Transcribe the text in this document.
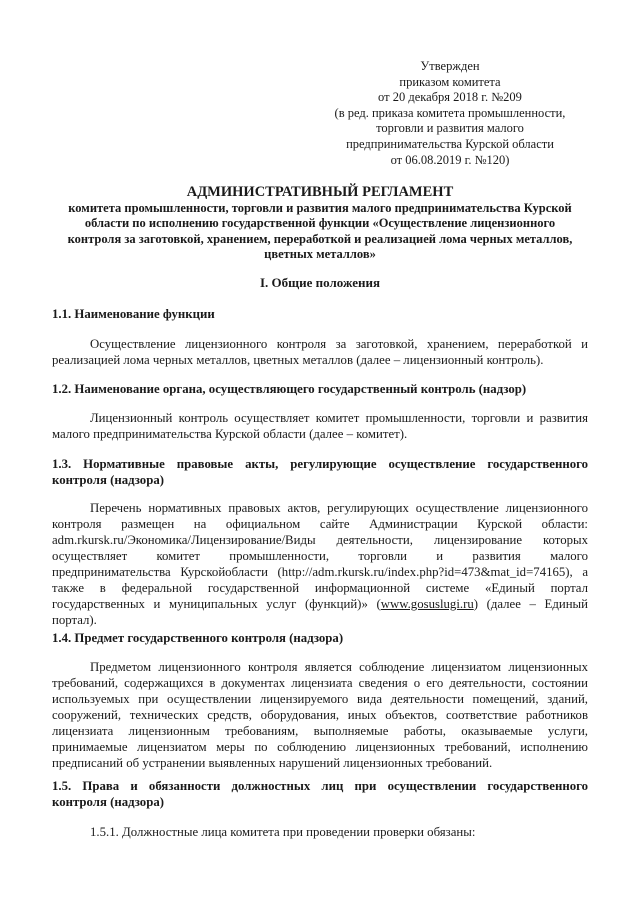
Утвержден
приказом комитета
от 20 декабря 2018 г. №209
(в ред. приказа комитета промышленности,
торговли и развития малого
предпринимательства Курской области
от 06.08.2019 г. №120)
АДМИНИСТРАТИВНЫЙ РЕГЛАМЕНТ
комитета промышленности, торговли и развития малого предпринимательства Курской
области по исполнению государственной функции «Осуществление лицензионного
контроля за заготовкой, хранением, переработкой и реализацией лома черных металлов,
цветных металлов»
I. Общие положения
1.1. Наименование функции
Осуществление лицензионного контроля за заготовкой, хранением, переработкой и
реализацией лома черных металлов, цветных металлов (далее – лицензионный контроль).
1.2. Наименование органа, осуществляющего государственный контроль (надзор)
Лицензионный контроль осуществляет комитет промышленности, торговли и развития
малого предпринимательства Курской области (далее – комитет).
1.3. Нормативные правовые акты, регулирующие осуществление государственного
контроля (надзора)
Перечень нормативных правовых актов, регулирующих осуществление лицензионного
контроля размещен на официальном сайте Администрации Курской области:
adm.rkursk.ru/Экономика/Лицензирование/Виды деятельности, лицензирование которых
осуществляет комитет промышленности, торговли и развития малого
предпринимательства Курскойобласти (http://adm.rkursk.ru/index.php?id=473&mat_id=74165), а
также в федеральной государственной информационной системе «Единый портал
государственных и муниципальных услуг (функций)» (www.gosuslugi.ru) (далее – Единый
портал).
1.4. Предмет государственного контроля (надзора)
Предметом лицензионного контроля является соблюдение лицензиатом лицензионных
требований, содержащихся в документах лицензиата сведения о его деятельности, состоянии
используемых при осуществлении лицензируемого вида деятельности помещений, зданий,
сооружений, технических средств, оборудования, иных объектов, соответствие работников
лицензиата лицензионным требованиям, выполняемые работы, оказываемые услуги,
принимаемые лицензиатом меры по соблюдению лицензионных требований, исполнению
предписаний об устранении выявленных нарушений лицензионных требований.
1.5. Права и обязанности должностных лиц при осуществлении государственного
контроля (надзора)
1.5.1. Должностные лица комитета при проведении проверки обязаны:
